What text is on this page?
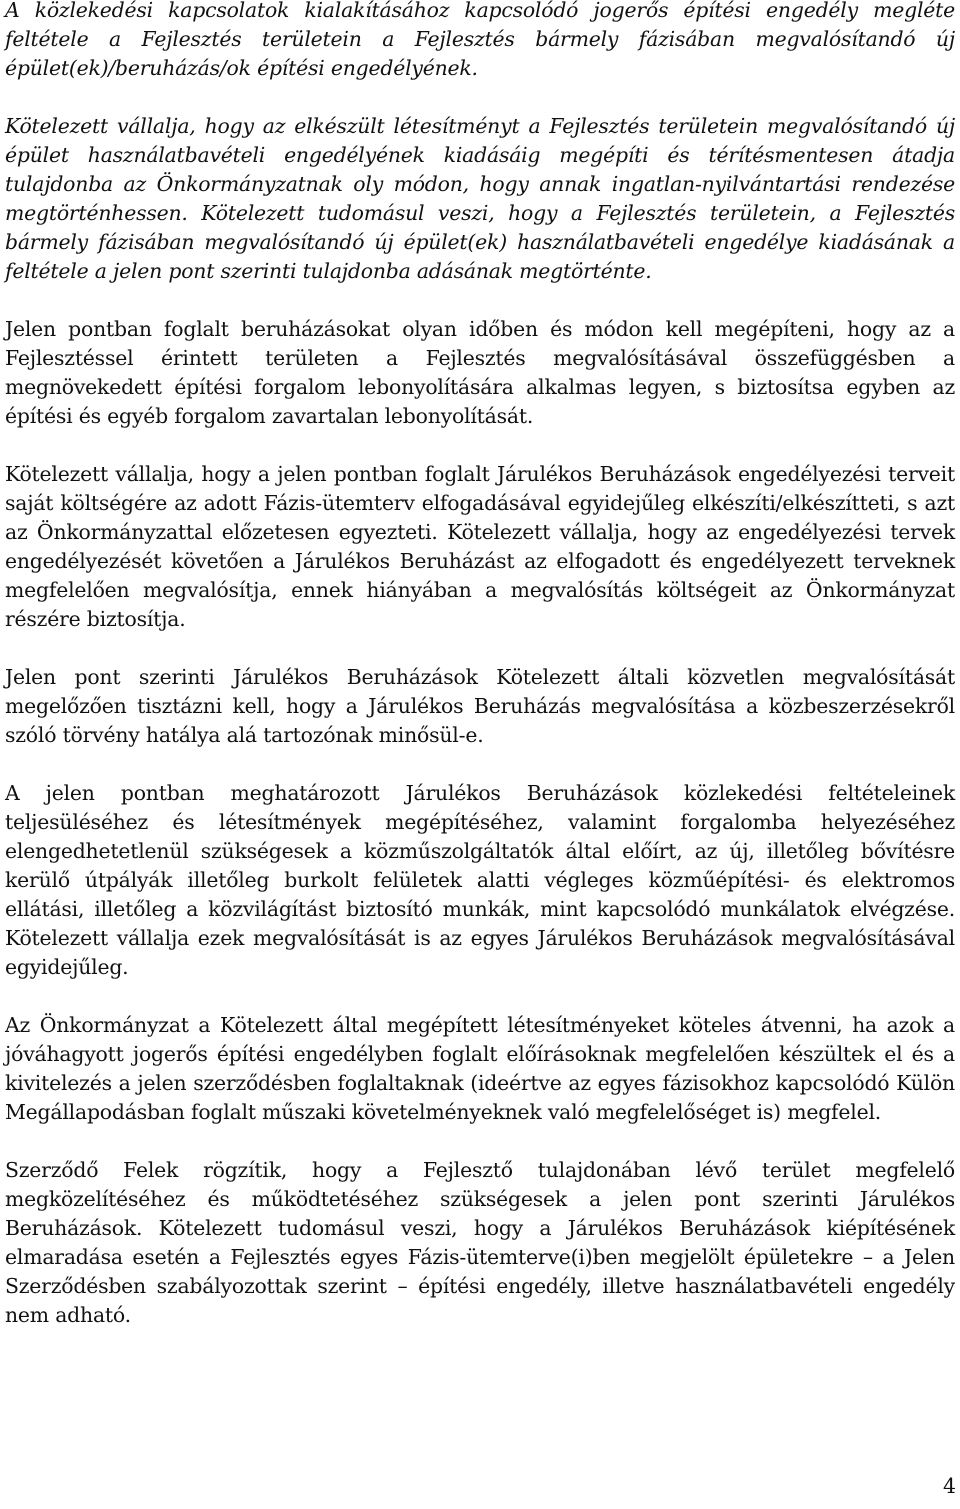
A közlekedési kapcsolatok kialakításához kapcsolódó jogerős építési engedély megléte feltétele a Fejlesztés területein a Fejlesztés bármely fázisában megvalósítandó új épület(ek)/beruházás/ok építési engedélyének.

Kötelezett vállalja, hogy az elkészült létesítményt a Fejlesztés területein megvalósítandó új épület használatbavételi engedélyének kiadásáig megépíti és térítésmentesen átadja tulajdonba az Önkormányzatnak oly módon, hogy annak ingatlan-nyilvántartási rendezése megtörténhessen. Kötelezett tudomásul veszi, hogy a Fejlesztés területein, a Fejlesztés bármely fázisában megvalósítandó új épület(ek) használatbavételi engedélye kiadásának a feltétele a jelen pont szerinti tulajdonba adásának megtörténte.

Jelen pontban foglalt beruházásokat olyan időben és módon kell megépíteni, hogy az a Fejlesztéssel érintett területen a Fejlesztés megvalósításával összefüggésben a megnövekedett építési forgalom lebonyolítására alkalmas legyen, s biztosítsa egyben az építési és egyéb forgalom zavartalan lebonyolítását.

Kötelezett vállalja, hogy a jelen pontban foglalt Járulékos Beruházások engedélyezési terveit saját költségére az adott Fázis-ütemterv elfogadásával egyidejűleg elkészíti/elkészítteti, s azt az Önkormányzattal előzetesen egyezteti. Kötelezett vállalja, hogy az engedélyezési tervek engedélyezését követően a Járulékos Beruházást az elfogadott és engedélyezett terveknek megfelelően megvalósítja, ennek hiányában a megvalósítás költségeit az Önkormányzat részére biztosítja.

Jelen pont szerinti Járulékos Beruházások Kötelezett általi közvetlen megvalósítását megelőzően tisztázni kell, hogy a Járulékos Beruházás megvalósítása a közbeszerzésekről szóló törvény hatálya alá tartozónak minősül-e.

A jelen pontban meghatározott Járulékos Beruházások közlekedési feltételeinek teljesüléséhez és létesítmények megépítéséhez, valamint forgalomba helyezéséhez elengedhetetlenül szükségesek a közműszolgáltatók által előírt, az új, illetőleg bővítésre kerülő útpályák illetőleg burkolt felületek alatti végleges közműépítési- és elektromos ellátási, illetőleg a közvilágítást biztosító munkák, mint kapcsolódó munkálatok elvégzése. Kötelezett vállalja ezek megvalósítását is az egyes Járulékos Beruházások megvalósításával egyidejűleg.

Az Önkormányzat a Kötelezett által megépített létesítményeket köteles átvenni, ha azok a jóváhagyott jogerős építési engedélyben foglalt előírásoknak megfelelően készültek el és a kivitelezés a jelen szerződésben foglaltaknak (ideértve az egyes fázisokhoz kapcsolódó Külön Megállapodásban foglalt műszaki követelményeknek való megfelelőséget is) megfelel.

Szerződő Felek rögzítik, hogy a Fejlesztő tulajdonában lévő terület megfelelő megközelítéséhez és működtetéséhez szükségesek a jelen pont szerinti Járulékos Beruházások. Kötelezett tudomásul veszi, hogy a Járulékos Beruházások kiépítésének elmaradása esetén a Fejlesztés egyes Fázis-ütemterve(i)ben megjelölt épületekre – a Jelen Szerződésben szabályozottak szerint – építési engedély, illetve használatbavételi engedély nem adható.

4
